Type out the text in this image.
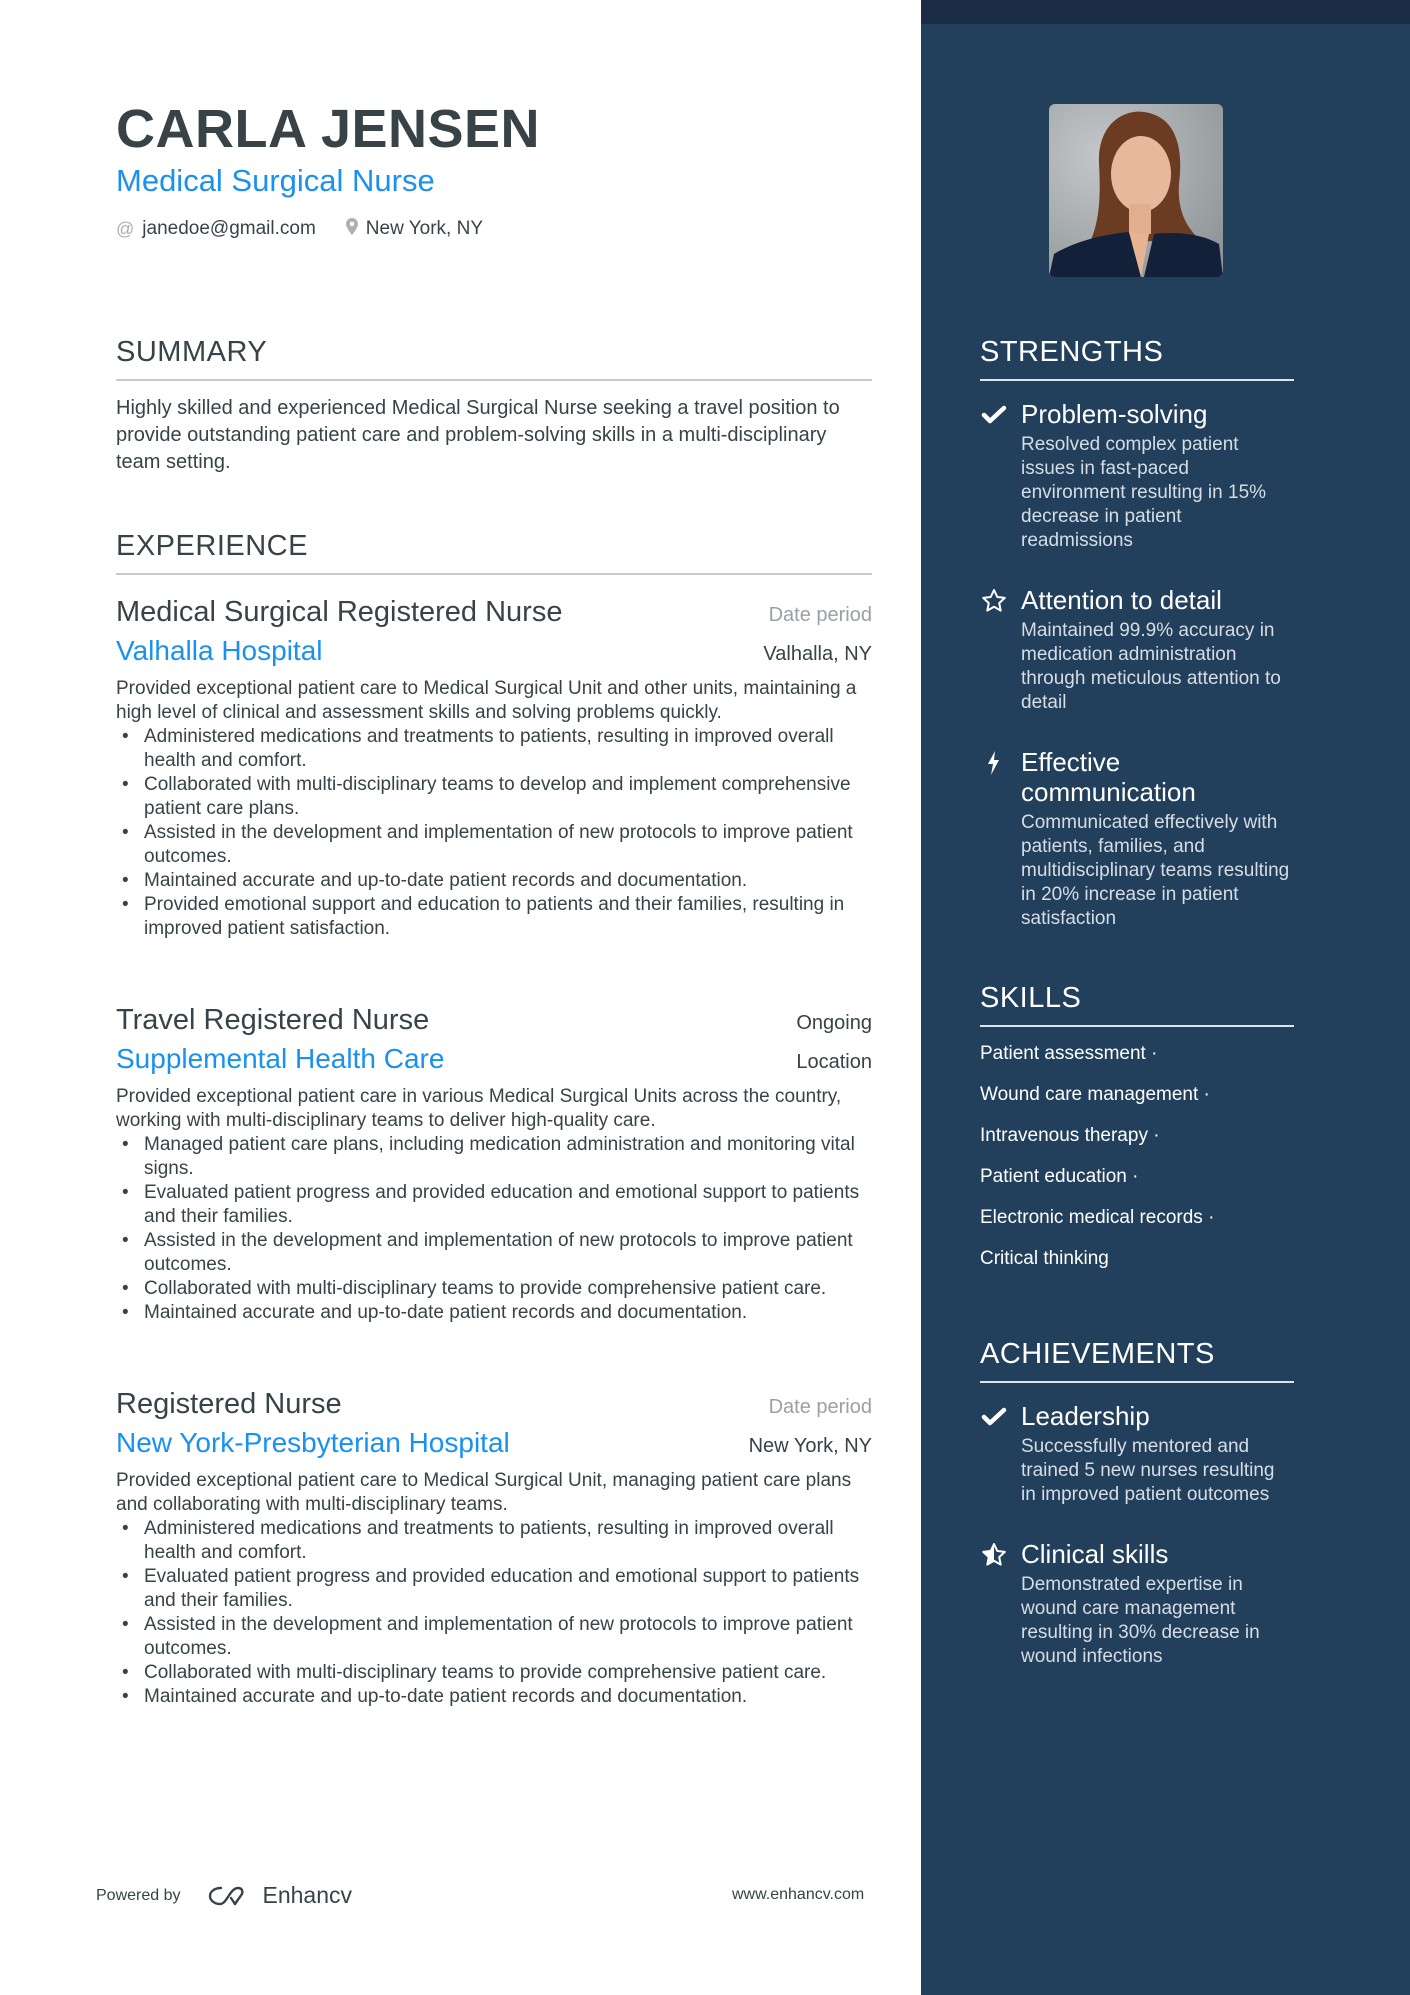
CARLA JENSEN
Medical Surgical Nurse
@ janedoe@gmail.com	New York, NY
SUMMARY
Highly skilled and experienced Medical Surgical Nurse seeking a travel position to provide outstanding patient care and problem-solving skills in a multi-disciplinary team setting.
EXPERIENCE
Medical Surgical Registered Nurse	Date period
Valhalla Hospital	Valhalla, NY
Provided exceptional patient care to Medical Surgical Unit and other units, maintaining a high level of clinical and assessment skills and solving problems quickly.
• Administered medications and treatments to patients, resulting in improved overall health and comfort.
• Collaborated with multi-disciplinary teams to develop and implement comprehensive patient care plans.
• Assisted in the development and implementation of new protocols to improve patient outcomes.
• Maintained accurate and up-to-date patient records and documentation.
• Provided emotional support and education to patients and their families, resulting in improved patient satisfaction.
Travel Registered Nurse	Ongoing
Supplemental Health Care	Location
Provided exceptional patient care in various Medical Surgical Units across the country, working with multi-disciplinary teams to deliver high-quality care.
• Managed patient care plans, including medication administration and monitoring vital signs.
• Evaluated patient progress and provided education and emotional support to patients and their families.
• Assisted in the development and implementation of new protocols to improve patient outcomes.
• Collaborated with multi-disciplinary teams to provide comprehensive patient care.
• Maintained accurate and up-to-date patient records and documentation.
Registered Nurse	Date period
New York-Presbyterian Hospital	New York, NY
Provided exceptional patient care to Medical Surgical Unit, managing patient care plans and collaborating with multi-disciplinary teams.
• Administered medications and treatments to patients, resulting in improved overall health and comfort.
• Evaluated patient progress and provided education and emotional support to patients and their families.
• Assisted in the development and implementation of new protocols to improve patient outcomes.
• Collaborated with multi-disciplinary teams to provide comprehensive patient care.
• Maintained accurate and up-to-date patient records and documentation.
Powered by	Enhancv	www.enhancv.com
STRENGTHS
Problem-solving
Resolved complex patient issues in fast-paced environment resulting in 15% decrease in patient readmissions
Attention to detail
Maintained 99.9% accuracy in medication administration through meticulous attention to detail
Effective communication
Communicated effectively with patients, families, and multidisciplinary teams resulting in 20% increase in patient satisfaction
SKILLS
Patient assessment ·
Wound care management ·
Intravenous therapy ·
Patient education ·
Electronic medical records ·
Critical thinking
ACHIEVEMENTS
Leadership
Successfully mentored and trained 5 new nurses resulting in improved patient outcomes
Clinical skills
Demonstrated expertise in wound care management resulting in 30% decrease in wound infections
